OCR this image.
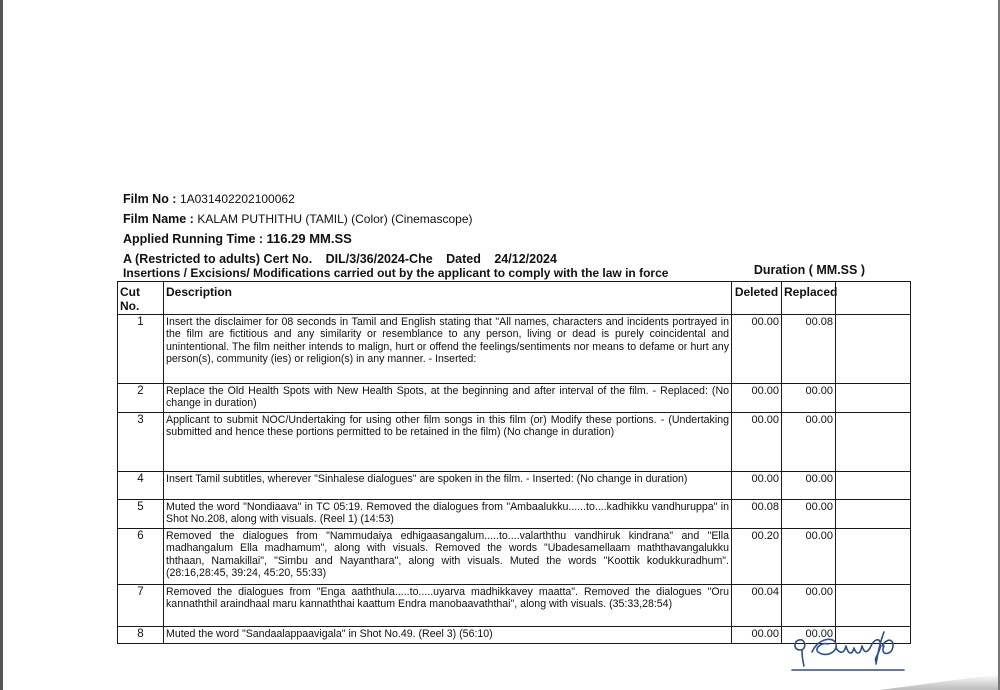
Film No : 1A031402202100062
Film Name : KALAM PUTHITHU (TAMIL) (Color) (Cinemascope)
Applied Running Time : 116.29 MM.SS
A (Restricted to adults) Cert No. DIL/3/36/2024-Che Dated 24/12/2024
Insertions / Excisions/ Modifications carried out by the applicant to comply with the law in force	Duration ( MM.SS )
Cut No.	Description	Deleted	Replaced	
1	Insert the disclaimer for 08 seconds in Tamil and English stating that "All names, characters and incidents portrayed in the film are fictitious and any similarity or resemblance to any person, living or dead is purely coincidental and unintentional. The film neither intends to malign, hurt or offend the feelings/sentiments nor means to defame or hurt any person(s), community (ies) or religion(s) in any manner. - Inserted:	00.00	00.08	
2	Replace the Old Health Spots with New Health Spots, at the beginning and after interval of the film. - Replaced: (No change in duration)	00.00	00.00	
3	Applicant to submit NOC/Undertaking for using other film songs in this film (or) Modify these portions. - (Undertaking submitted and hence these portions permitted to be retained in the film) (No change in duration)	00.00	00.00	
4	Insert Tamil subtitles, wherever "Sinhalese dialogues" are spoken in the film. - Inserted: (No change in duration)	00.00	00.00	
5	Muted the word "Nondiaava" in TC 05:19. Removed the dialogues from "Ambaalukku......to....kadhikku vandhuruppa" in Shot No.208, along with visuals. (Reel 1) (14:53)	00.08	00.00	
6	Removed the dialogues from "Nammudaiya edhigaasangalum.....to....valarththu vandhiruk kindrana" and "Ella madhangalum Ella madhamum", along with visuals. Removed the words "Ubadesamellaam maththavangalukku ththaan, Namakillai", "Simbu and Nayanthara", along with visuals. Muted the words "Koottik kodukkuradhum". (28:16,28:45, 39:24, 45:20, 55:33)	00.20	00.00	
7	Removed the dialogues from "Enga aaththula.....to.....uyarva madhikkavey maatta". Removed the dialogues "Oru kannaththil araindhaal maru kannaththai kaattum Endra manobaavaththai", along with visuals. (35:33,28:54)	00.04	00.00	
8	Muted the word "Sandaalappaavigala" in Shot No.49. (Reel 3) (56:10)	00.00	00.00	
